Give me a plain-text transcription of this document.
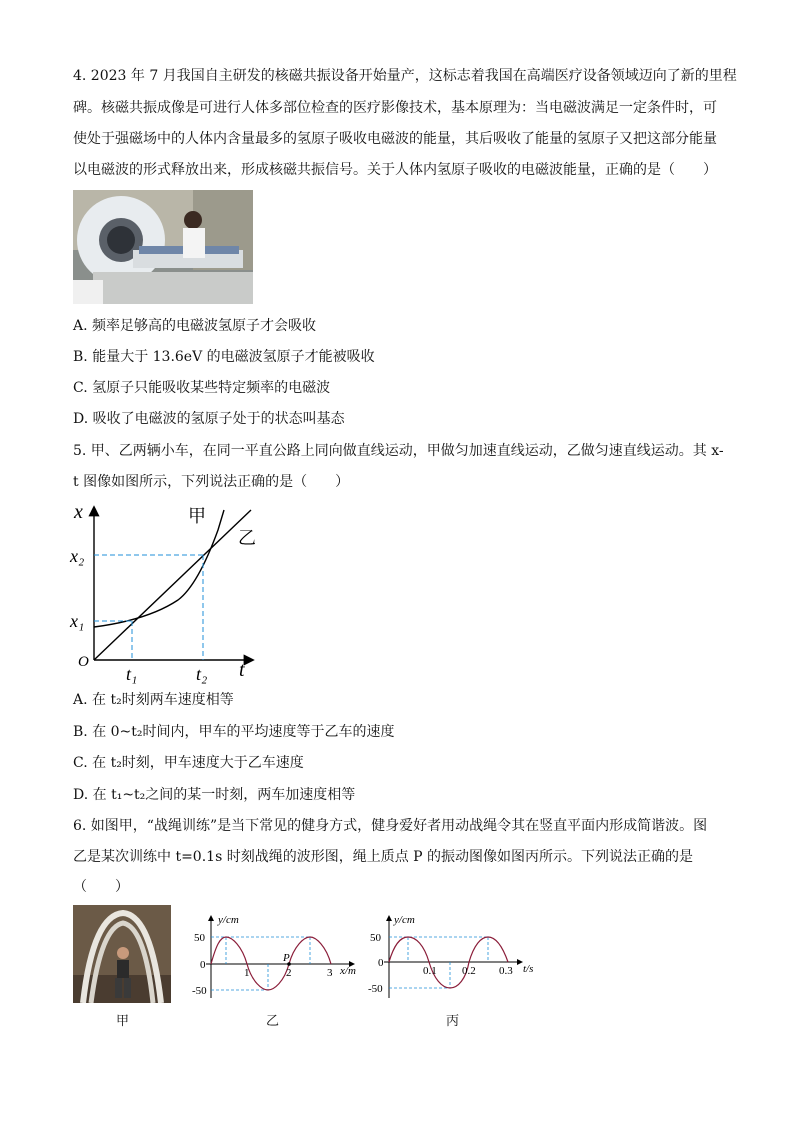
4. 2023 年 7 月我国自主研发的核磁共振设备开始量产，这标志着我国在高端医疗设备领域迈向了新的里程
碑。核磁共振成像是可进行人体多部位检查的医疗影像技术，基本原理为：当电磁波满足一定条件时，可
使处于强磁场中的人体内含量最多的氢原子吸收电磁波的能量，其后吸收了能量的氢原子又把这部分能量
以电磁波的形式释放出来，形成核磁共振信号。关于人体内氢原子吸收的电磁波能量，正确的是（　　）
A. 频率足够高的电磁波氢原子才会吸收
B. 能量大于 13.6eV 的电磁波氢原子才能被吸收
C. 氢原子只能吸收某些特定频率的电磁波
D. 吸收了电磁波的氢原子处于的状态叫基态
5. 甲、乙两辆小车，在同一平直公路上同向做直线运动，甲做匀加速直线运动，乙做匀速直线运动。其 x-
t 图像如图所示，下列说法正确的是（　　）
x
t
O
x₂
x₁
t₁	t₂
甲
乙
A. 在 t₂时刻两车速度相等
B. 在 0~t₂时间内，甲车的平均速度等于乙车的速度
C. 在 t₂时刻，甲车速度大于乙车速度
D. 在 t₁~t₂之间的某一时刻，两车加速度相等
6. 如图甲，“战绳训练”是当下常见的健身方式，健身爱好者用动战绳令其在竖直平面内形成简谐波。图
乙是某次训练中 t=0.1s 时刻战绳的波形图，绳上质点 P 的振动图像如图丙所示。下列说法正确的是
（　　）
甲
y/cm
50
0
-50
1	2	3
P
x/m
乙
y/cm
50
0
-50
0.1 0.2 0.3 t/s
丙
